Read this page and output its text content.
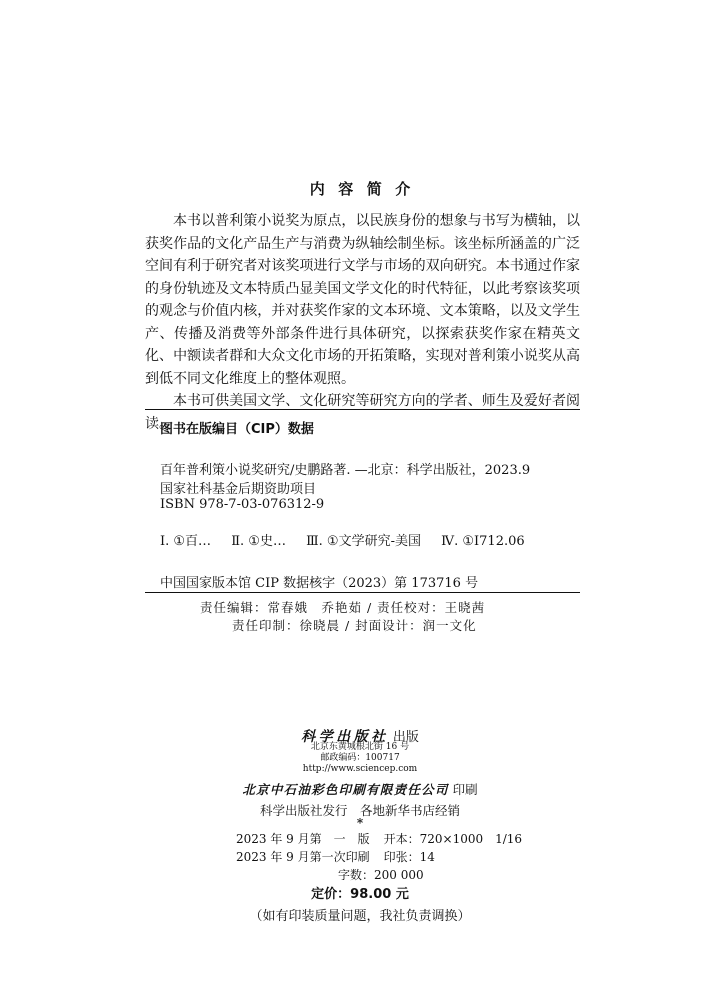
内容简介

本书以普利策小说奖为原点，以民族身份的想象与书写为横轴，以获奖作品的文化产品生产与消费为纵轴绘制坐标。该坐标所涵盖的广泛空间有利于研究者对该奖项进行文学与市场的双向研究。本书通过作家的身份轨迹及文本特质凸显美国文学文化的时代特征，以此考察该奖项的观念与价值内核，并对获奖作家的文本环境、文本策略，以及文学生产、传播及消费等外部条件进行具体研究，以探索获奖作家在精英文化、中额读者群和大众文化市场的开拓策略，实现对普利策小说奖从高到低不同文化维度上的整体观照。

本书可供美国文学、文化研究等研究方向的学者、师生及爱好者阅读。

图书在版编目（CIP）数据
百年普利策小说奖研究/史鹏路著. —北京：科学出版社，2023.9
国家社科基金后期资助项目
ISBN 978-7-03-076312-9
Ⅰ. ①百… Ⅱ. ①史… Ⅲ. ①文学研究-美国 Ⅳ. ①I712.06
中国国家版本馆 CIP 数据核字（2023）第 173716 号
责任编辑：常春娥　乔艳茹 / 责任校对：王晓茜
责任印制：徐晓晨 / 封面设计：润一文化
科学出版社 出版
北京东黄城根北街 16 号
邮政编码：100717
http://www.sciencep.com
北京中石油彩色印刷有限责任公司 印刷
科学出版社发行　各地新华书店经销
*
2023 年 9 月第　一　版 开本：720×1000　1/16
2023 年 9 月第一次印刷 印张：14
字数：200 000
定价：98.00 元
（如有印装质量问题，我社负责调换）
